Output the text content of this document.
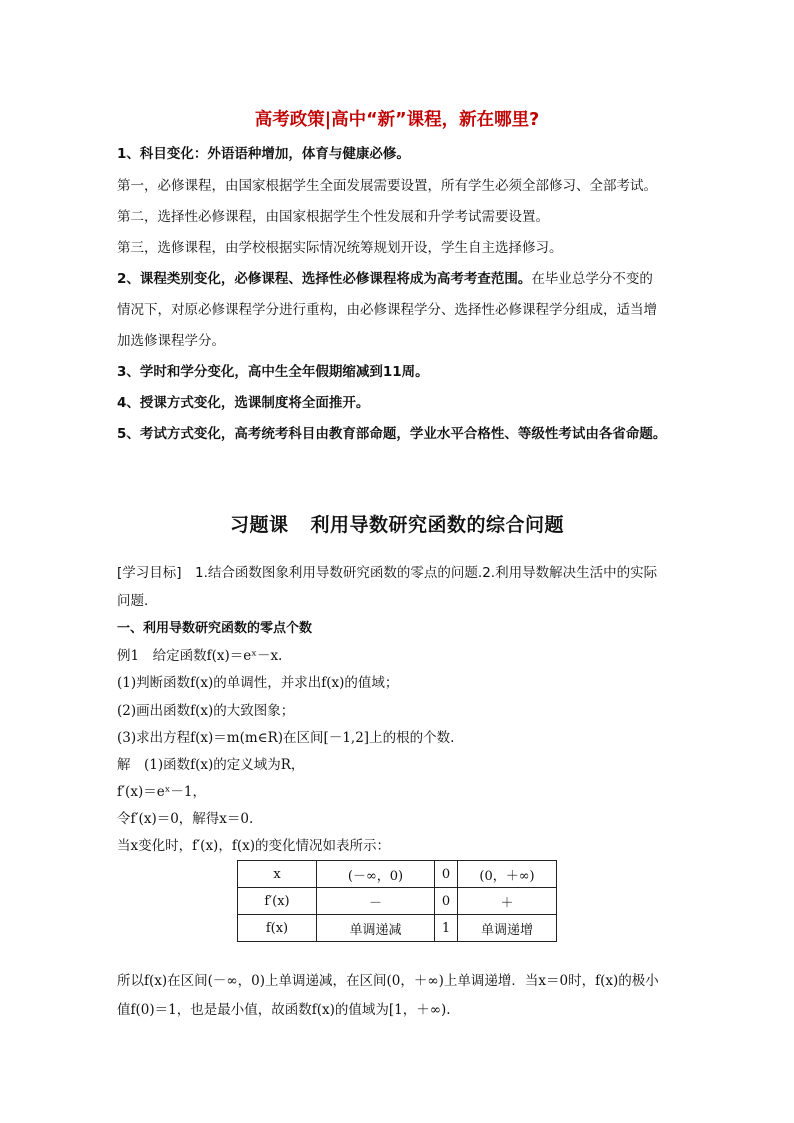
高考政策|高中“新”课程，新在哪里?
1、科目变化：外语语种增加，体育与健康必修。
第一，必修课程，由国家根据学生全面发展需要设置，所有学生必须全部修习、全部考试。
第二，选择性必修课程，由国家根据学生个性发展和升学考试需要设置。
第三，选修课程，由学校根据实际情况统筹规划开设，学生自主选择修习。
2、课程类别变化，必修课程、选择性必修课程将成为高考考查范围。在毕业总学分不变的
情况下，对原必修课程学分进行重构，由必修课程学分、选择性必修课程学分组成，适当增
加选修课程学分。
3、学时和学分变化，高中生全年假期缩减到11周。
4、授课方式变化，选课制度将全面推开。
5、考试方式变化，高考统考科目由教育部命题，学业水平合格性、等级性考试由各省命题。
习题课 利用导数研究函数的综合问题
[学习目标]　1.结合函数图象利用导数研究函数的零点的问题.2.利用导数解决生活中的实际
问题.
一、利用导数研究函数的零点个数
例1　给定函数f(x)＝eˣ－x.
(1)判断函数f(x)的单调性，并求出f(x)的值域；
(2)画出函数f(x)的大致图象；
(3)求出方程f(x)＝m(m∈R)在区间[－1,2]上的根的个数.
解　(1)函数f(x)的定义域为R，
f′(x)＝eˣ－1，
令f′(x)＝0，解得x＝0.
当x变化时，f′(x)，f(x)的变化情况如表所示：
x	(－∞，0)	0	(0，＋∞)
f′(x)	－	0	＋
f(x)	单调递减	1	单调递增
所以f(x)在区间(－∞，0)上单调递减，在区间(0，＋∞)上单调递增．当x＝0时，f(x)的极小
值f(0)＝1，也是最小值，故函数f(x)的值域为[1，＋∞).
